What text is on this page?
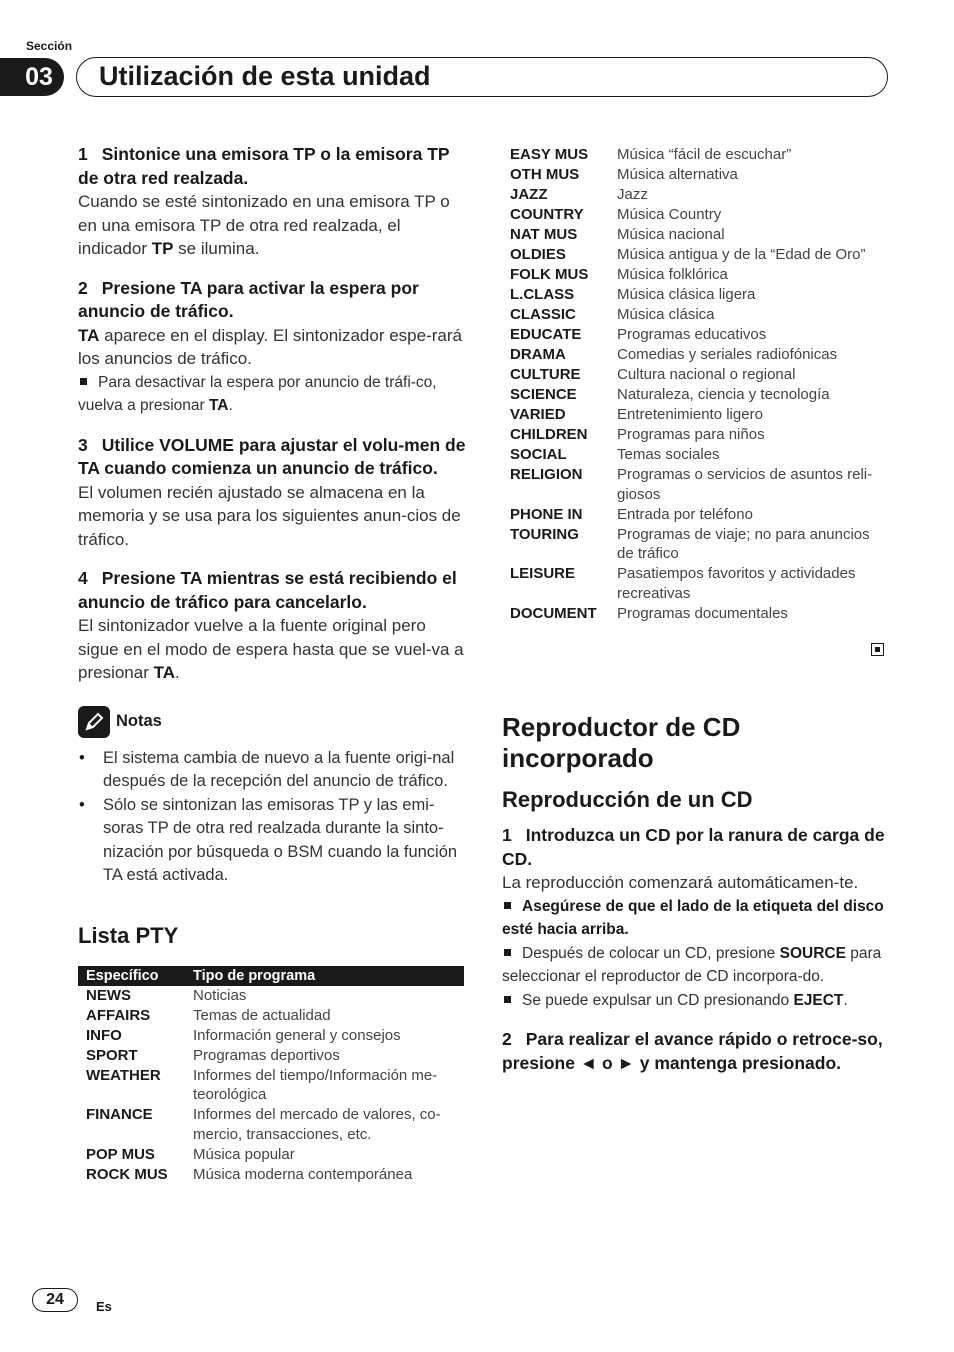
Sección
03	Utilización de esta unidad
1 Sintonice una emisora TP o la emisora TP de otra red realzada.
Cuando se esté sintonizado en una emisora TP o en una emisora TP de otra red realzada, el indicador TP se ilumina.
2 Presione TA para activar la espera por anuncio de tráfico.
TA aparece en el display. El sintonizador espe-rará los anuncios de tráfico.
Para desactivar la espera por anuncio de tráfi-co, vuelva a presionar TA.
3 Utilice VOLUME para ajustar el volu-men de TA cuando comienza un anuncio de tráfico.
El volumen recién ajustado se almacena en la memoria y se usa para los siguientes anun-cios de tráfico.
4 Presione TA mientras se está recibiendo el anuncio de tráfico para cancelarlo.
El sintonizador vuelve a la fuente original pero sigue en el modo de espera hasta que se vuel-va a presionar TA.
Notas
• El sistema cambia de nuevo a la fuente origi-nal después de la recepción del anuncio de tráfico.
• Sólo se sintonizan las emisoras TP y las emi-soras TP de otra red realzada durante la sinto-nización por búsqueda o BSM cuando la función TA está activada.
Lista PTY
Específico	Tipo de programa
NEWS	Noticias
AFFAIRS	Temas de actualidad
INFO	Información general y consejos
SPORT	Programas deportivos
WEATHER	Informes del tiempo/Información me-teorológica
FINANCE	Informes del mercado de valores, co-mercio, transacciones, etc.
POP MUS	Música popular
ROCK MUS	Música moderna contemporánea
EASY MUS	Música “fácil de escuchar”
OTH MUS	Música alternativa
JAZZ	Jazz
COUNTRY	Música Country
NAT MUS	Música nacional
OLDIES	Música antigua y de la “Edad de Oro”
FOLK MUS	Música folklórica
L.CLASS	Música clásica ligera
CLASSIC	Música clásica
EDUCATE	Programas educativos
DRAMA	Comedias y seriales radiofónicas
CULTURE	Cultura nacional o regional
SCIENCE	Naturaleza, ciencia y tecnología
VARIED	Entretenimiento ligero
CHILDREN	Programas para niños
SOCIAL	Temas sociales
RELIGION	Programas o servicios de asuntos reli-giosos
PHONE IN	Entrada por teléfono
TOURING	Programas de viaje; no para anuncios de tráfico
LEISURE	Pasatiempos favoritos y actividades recreativas
DOCUMENT	Programas documentales
Reproductor de CD incorporado
Reproducción de un CD
1 Introduzca un CD por la ranura de carga de CD.
La reproducción comenzará automáticamen-te.
Asegúrese de que el lado de la etiqueta del disco esté hacia arriba.
Después de colocar un CD, presione SOURCE para seleccionar el reproductor de CD incorpora-do.
Se puede expulsar un CD presionando EJECT.
2 Para realizar el avance rápido o retroce-so, presione ◄ o ► y mantenga presionado.
24	Es
